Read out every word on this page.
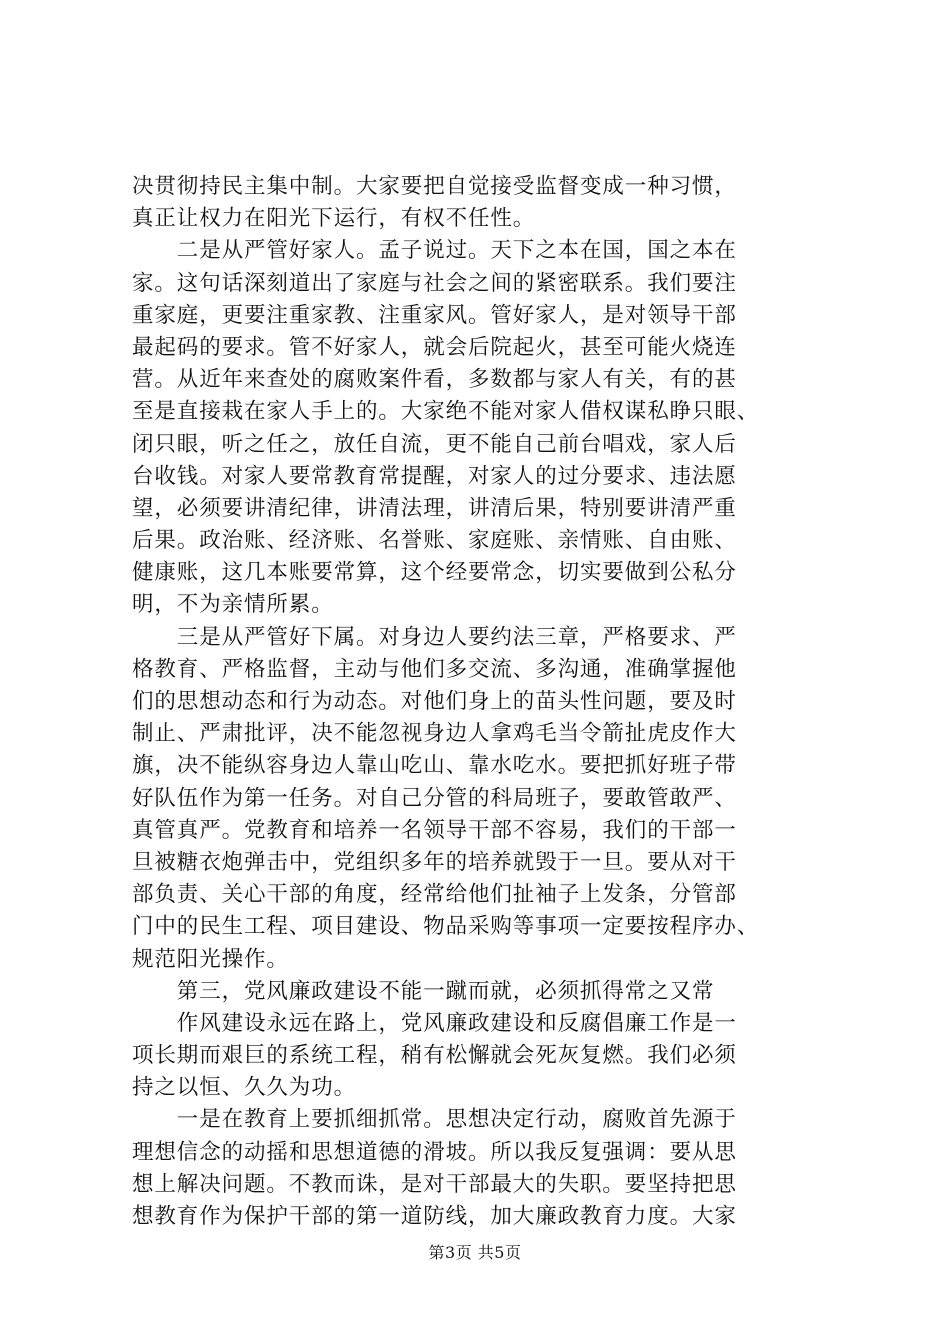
决贯彻持民主集中制。大家要把自觉接受监督变成一种习惯，
真正让权力在阳光下运行，有权不任性。
　　二是从严管好家人。孟子说过。天下之本在国，国之本在
家。这句话深刻道出了家庭与社会之间的紧密联系。我们要注
重家庭，更要注重家教、注重家风。管好家人，是对领导干部
最起码的要求。管不好家人，就会后院起火，甚至可能火烧连
营。从近年来查处的腐败案件看，多数都与家人有关，有的甚
至是直接栽在家人手上的。大家绝不能对家人借权谋私睁只眼、
闭只眼，听之任之，放任自流，更不能自己前台唱戏，家人后
台收钱。对家人要常教育常提醒，对家人的过分要求、违法愿
望，必须要讲清纪律，讲清法理，讲清后果，特别要讲清严重
后果。政治账、经济账、名誉账、家庭账、亲情账、自由账、
健康账，这几本账要常算，这个经要常念，切实要做到公私分
明，不为亲情所累。
　　三是从严管好下属。对身边人要约法三章，严格要求、严
格教育、严格监督，主动与他们多交流、多沟通，准确掌握他
们的思想动态和行为动态。对他们身上的苗头性问题，要及时
制止、严肃批评，决不能忽视身边人拿鸡毛当令箭扯虎皮作大
旗，决不能纵容身边人靠山吃山、靠水吃水。要把抓好班子带
好队伍作为第一任务。对自己分管的科局班子，要敢管敢严、
真管真严。党教育和培养一名领导干部不容易，我们的干部一
旦被糖衣炮弹击中，党组织多年的培养就毁于一旦。要从对干
部负责、关心干部的角度，经常给他们扯袖子上发条，分管部
门中的民生工程、项目建设、物品采购等事项一定要按程序办、
规范阳光操作。
　　第三，党风廉政建设不能一蹴而就，必须抓得常之又常
　　作风建设永远在路上，党风廉政建设和反腐倡廉工作是一
项长期而艰巨的系统工程，稍有松懈就会死灰复燃。我们必须
持之以恒、久久为功。
　　一是在教育上要抓细抓常。思想决定行动，腐败首先源于
理想信念的动摇和思想道德的滑坡。所以我反复强调：要从思
想上解决问题。不教而诛，是对干部最大的失职。要坚持把思
想教育作为保护干部的第一道防线，加大廉政教育力度。大家
第3页 共5页
